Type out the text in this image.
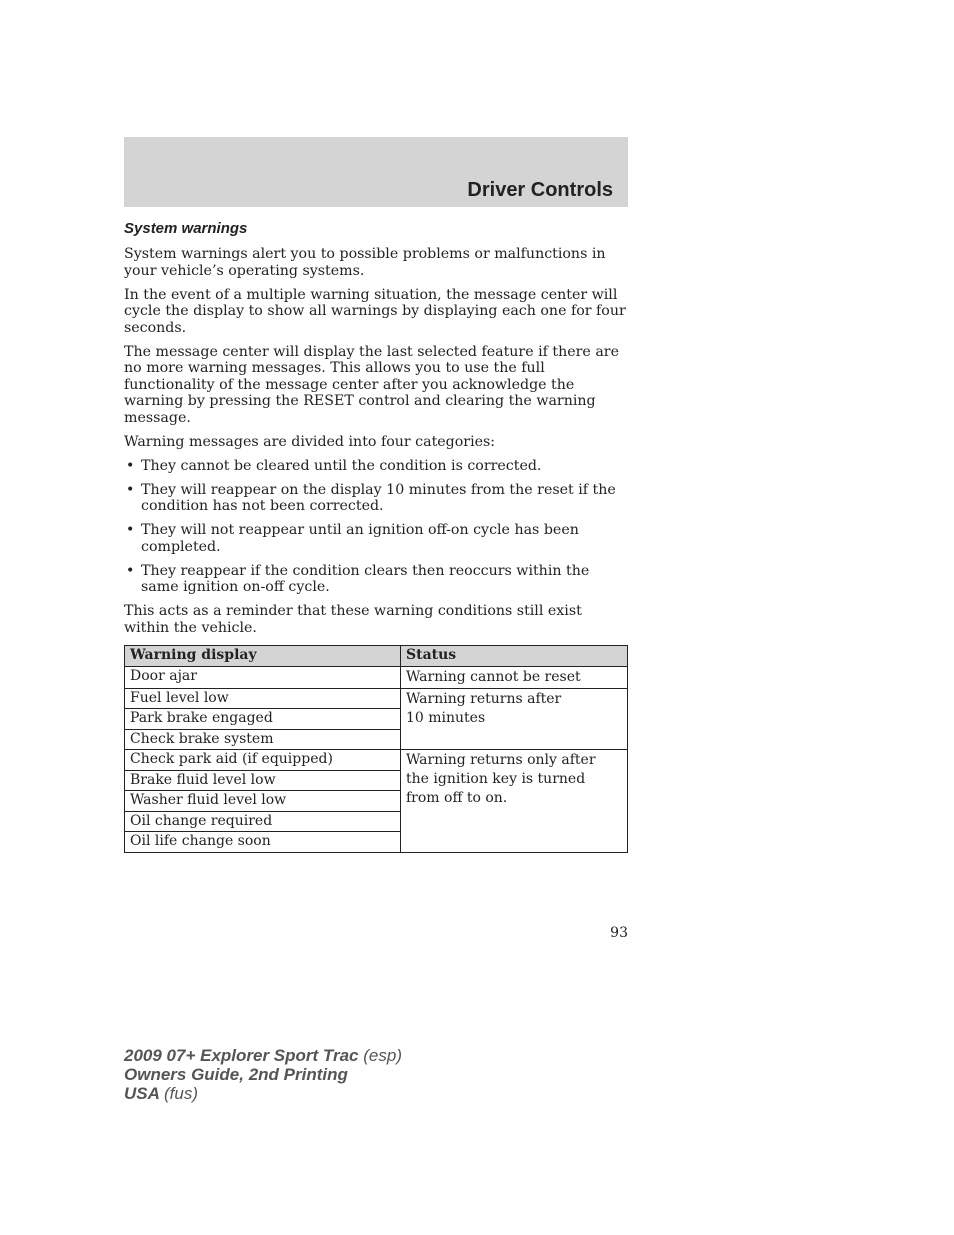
Driver Controls
System warnings

System warnings alert you to possible problems or malfunctions in your vehicle’s operating systems.

In the event of a multiple warning situation, the message center will cycle the display to show all warnings by displaying each one for four seconds.

The message center will display the last selected feature if there are no more warning messages. This allows you to use the full functionality of the message center after you acknowledge the warning by pressing the RESET control and clearing the warning message.

Warning messages are divided into four categories:

• They cannot be cleared until the condition is corrected.
• They will reappear on the display 10 minutes from the reset if the condition has not been corrected.
• They will not reappear until an ignition off-on cycle has been completed.
• They reappear if the condition clears then reoccurs within the same ignition on-off cycle.

This acts as a reminder that these warning conditions still exist within the vehicle.

Warning display	Status
Door ajar	Warning cannot be reset
Fuel level low	Warning returns after 10 minutes

Park brake engaged	
Check brake system	
Check park aid (if equipped)	Warning returns only after the ignition key is turned from off to on.
Brake fluid level low	
Washer fluid level low	
Oil change required	
Oil life change soon	
93
2009 07+ Explorer Sport Trac (esp)
Owners Guide, 2nd Printing
USA (fus)
